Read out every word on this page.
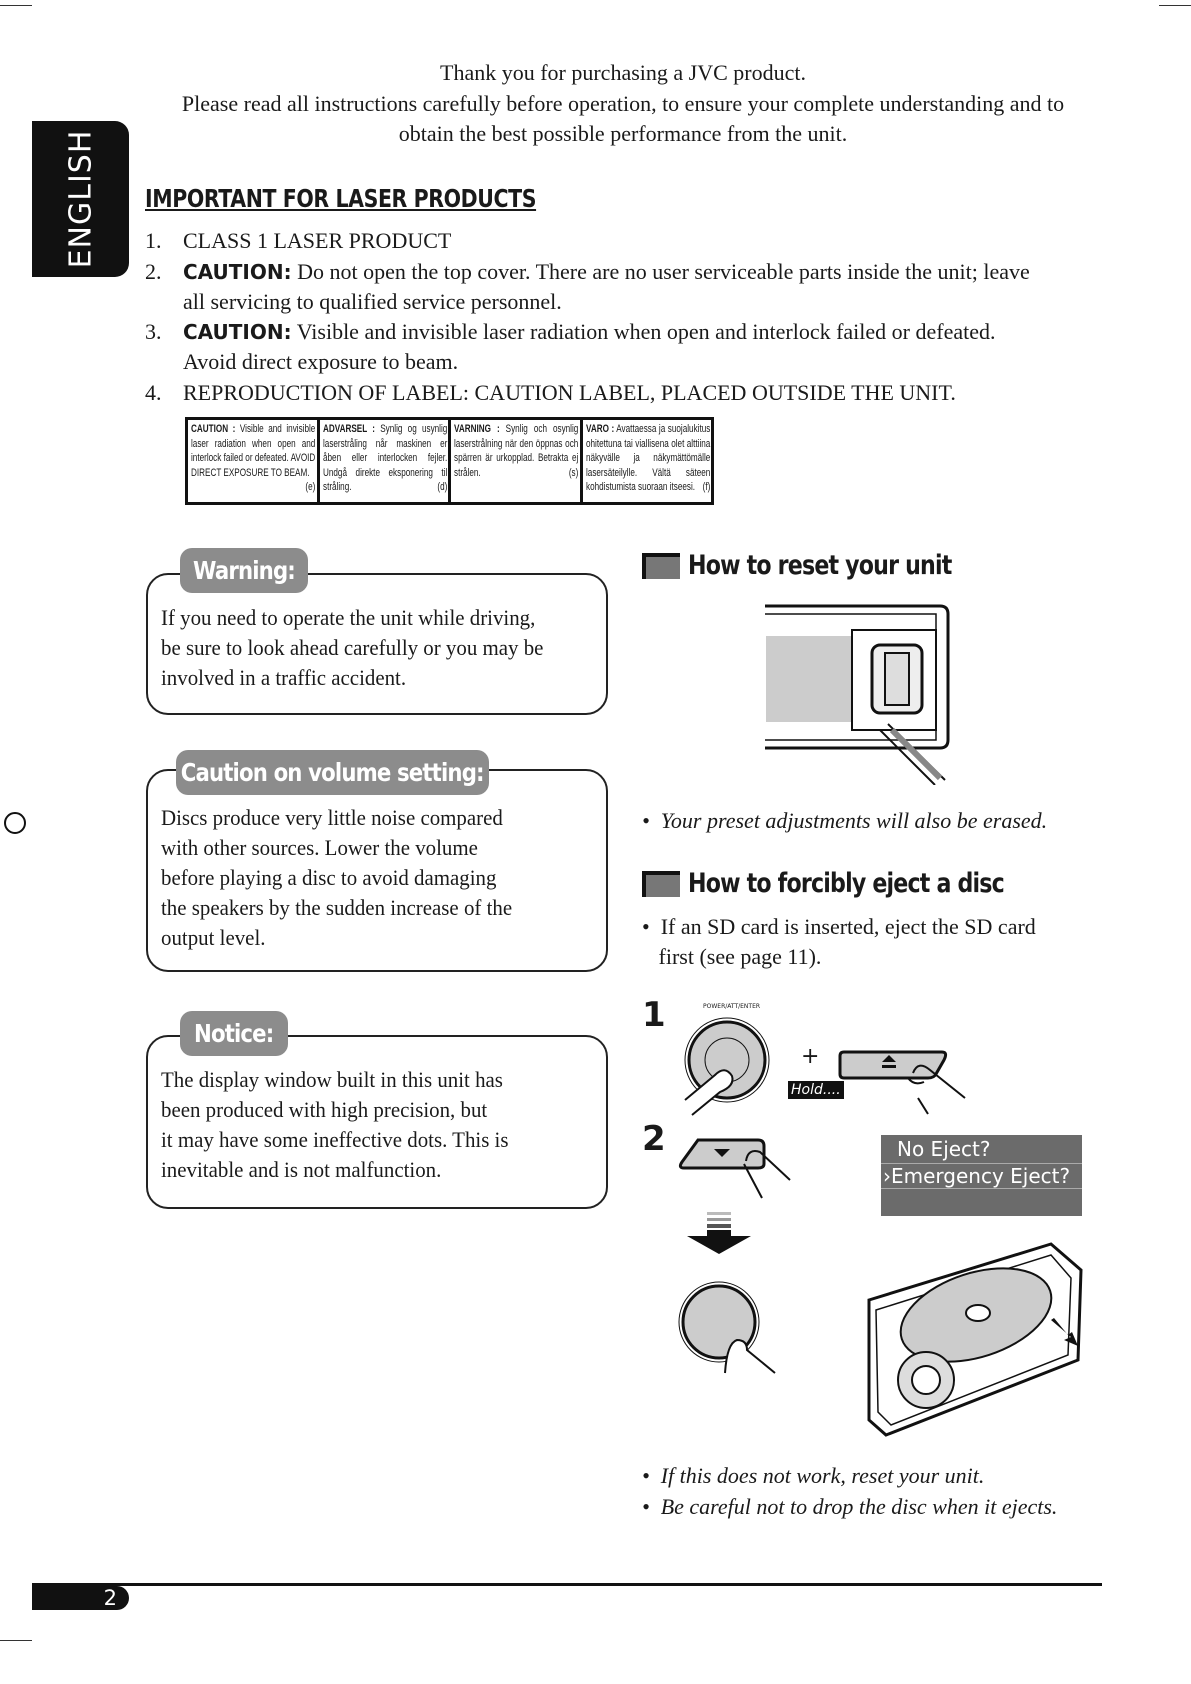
Thank you for purchasing a JVC product.
Please read all instructions carefully before operation, to ensure your complete understanding and to
obtain the best possible performance from the unit.
ENGLISH IMPORTANT FOR LASER PRODUCTS
1. CLASS 1 LASER PRODUCT
2. CAUTION: Do not open the top cover. There are no user serviceable parts inside the unit; leave
all servicing to qualified service personnel.
3. CAUTION: Visible and invisible laser radiation when open and interlock failed or defeated.
Avoid direct exposure to beam.
4. REPRODUCTION OF LABEL: CAUTION LABEL, PLACED OUTSIDE THE UNIT.
CAUTION : Visible and invisible laser radiation when open and interlock failed or defeated. AVOID DIRECT EXPOSURE TO BEAM.
(e)
ADVARSEL : Synlig og usynlig laserstråling når maskinen er åben eller interlocken fejler. Undgå direkte eksponering til stråling.	(d)
VARNING : Synlig och osynlig laserstrålning när den öppnas och spärren är urkopplad. Betrakta ej strålen.	(s)
VARO : Avattaessa ja suojalukitus ohitettuna tai viallisena olet alttiina näkyvälle ja näkymättömälle lasersäteilylle. Vältä säteen kohdistumista suoraan itseesi. (f)
If you need to operate the unit while driving,
be sure to look ahead carefully or you may be
involved in a traffic accident.
Warning:
Discs produce very little noise compared
with other sources. Lower the volume
before playing a disc to avoid damaging
the speakers by the sudden increase of the
output level.
Caution on volume setting:
The display window built in this unit has
been produced with high precision, but
it may have some ineffective dots. This is
inevitable and is not malfunction.
Notice:
How to reset your unit
•  Your preset adjustments will also be erased.
How to forcibly eject a disc
•  If an SD card is inserted, eject the SD card
first (see page 11).
1
2
POWER/ATT/ENTER
+
Hold....
No Eject?
›Emergency Eject?
•  If this does not work, reset your unit.
•  Be careful not to drop the disc when it ejects.
2
